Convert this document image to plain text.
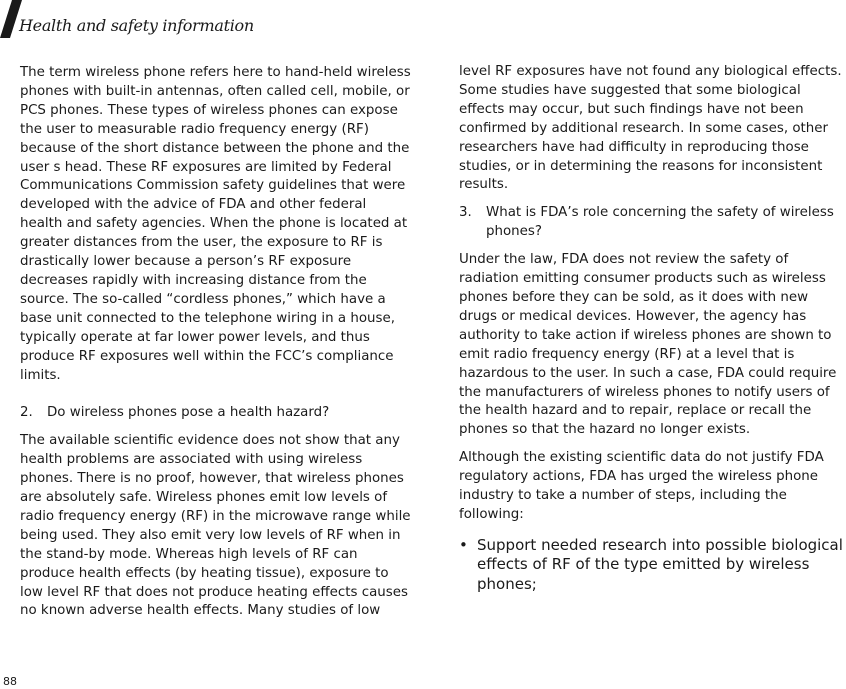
Health and safety information

The term wireless phone refers here to hand-held wireless phones with built-in antennas, often called cell, mobile, or PCS phones. These types of wireless phones can expose the user to measurable radio frequency energy (RF) because of the short distance between the phone and the user s head. These RF exposures are limited by Federal Communications Commission safety guidelines that were developed with the advice of FDA and other federal health and safety agencies. When the phone is located at greater distances from the user, the exposure to RF is drastically lower because a person’s RF exposure decreases rapidly with increasing distance from the source. The so-called “cordless phones,” which have a base unit connected to the telephone wiring in a house, typically operate at far lower power levels, and thus produce RF exposures well within the FCC’s compliance limits.

2. Do wireless phones pose a health hazard?

The available scientific evidence does not show that any health problems are associated with using wireless phones. There is no proof, however, that wireless phones are absolutely safe. Wireless phones emit low levels of radio frequency energy (RF) in the microwave range while being used. They also emit very low levels of RF when in the stand-by mode. Whereas high levels of RF can produce health effects (by heating tissue), exposure to low level RF that does not produce heating effects causes no known adverse health effects. Many studies of low

level RF exposures have not found any biological effects. Some studies have suggested that some biological effects may occur, but such findings have not been confirmed by additional research. In some cases, other researchers have had difficulty in reproducing those studies, or in determining the reasons for inconsistent results.

3. What is FDA’s role concerning the safety of wireless phones?

Under the law, FDA does not review the safety of radiation emitting consumer products such as wireless phones before they can be sold, as it does with new drugs or medical devices. However, the agency has authority to take action if wireless phones are shown to emit radio frequency energy (RF) at a level that is hazardous to the user. In such a case, FDA could require the manufacturers of wireless phones to notify users of the health hazard and to repair, replace or recall the phones so that the hazard no longer exists.

Although the existing scientific data do not justify FDA regulatory actions, FDA has urged the wireless phone industry to take a number of steps, including the following:

• Support needed research into possible biological effects of RF of the type emitted by wireless phones;

88
